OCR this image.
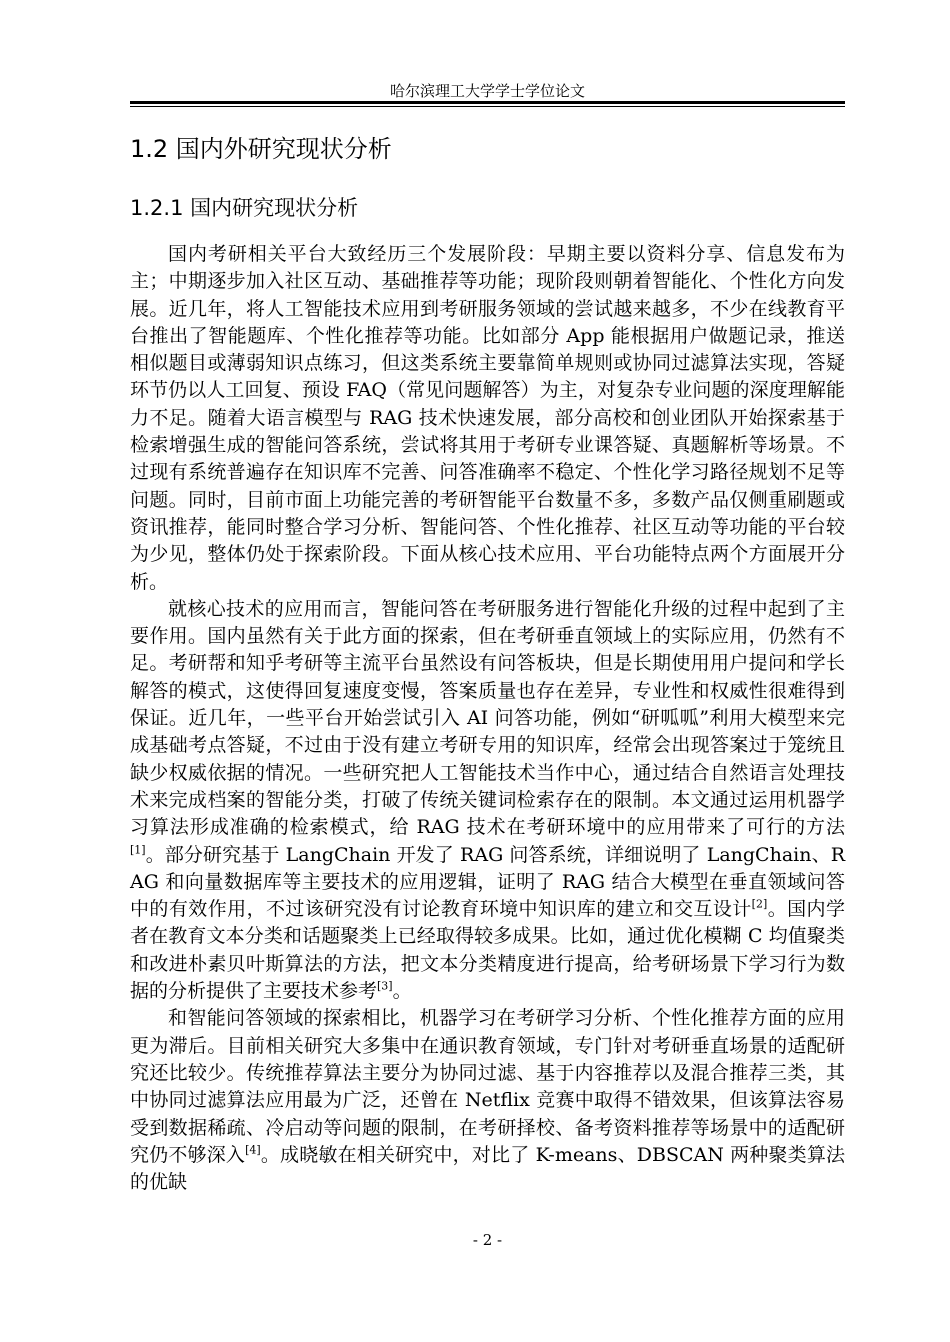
哈尔滨理工大学学士学位论文
1.2 国内外研究现状分析
1.2.1 国内研究现状分析

国内考研相关平台大致经历三个发展阶段：早期主要以资料分享、信息发布为主；中期逐步加入社区互动、基础推荐等功能；现阶段则朝着智能化、个性化方向发展。近几年，将人工智能技术应用到考研服务领域的尝试越来越多，不少在线教育平台推出了智能题库、个性化推荐等功能。比如部分 App 能根据用户做题记录，推送相似题目或薄弱知识点练习，但这类系统主要靠简单规则或协同过滤算法实现，答疑环节仍以人工回复、预设 FAQ（常见问题解答）为主，对复杂专业问题的深度理解能力不足。随着大语言模型与 RAG 技术快速发展，部分高校和创业团队开始探索基于检索增强生成的智能问答系统，尝试将其用于考研专业课答疑、真题解析等场景。不过现有系统普遍存在知识库不完善、问答准确率不稳定、个性化学习路径规划不足等问题。同时，目前市面上功能完善的考研智能平台数量不多，多数产品仅侧重刷题或资讯推荐，能同时整合学习分析、智能问答、个性化推荐、社区互动等功能的平台较为少见，整体仍处于探索阶段。下面从核心技术应用、平台功能特点两个方面展开分析。

就核心技术的应用而言，智能问答在考研服务进行智能化升级的过程中起到了主要作用。国内虽然有关于此方面的探索，但在考研垂直领域上的实际应用，仍然有不足。考研帮和知乎考研等主流平台虽然设有问答板块，但是长期使用用户提问和学长解答的模式，这使得回复速度变慢，答案质量也存在差异，专业性和权威性很难得到保证。近几年，一些平台开始尝试引入 AI 问答功能，例如“研呱呱”利用大模型来完成基础考点答疑，不过由于没有建立考研专用的知识库，经常会出现答案过于笼统且缺少权威依据的情况。一些研究把人工智能技术当作中心，通过结合自然语言处理技术来完成档案的智能分类，打破了传统关键词检索存在的限制。本文通过运用机器学习算法形成准确的检索模式，给 RAG 技术在考研环境中的应用带来了可行的方法[1]。部分研究基于 LangChain 开发了 RAG 问答系统，详细说明了 LangChain、RAG 和向量数据库等主要技术的应用逻辑，证明了 RAG 结合大模型在垂直领域问答中的有效作用，不过该研究没有讨论教育环境中知识库的建立和交互设计[2]。国内学者在教育文本分类和话题聚类上已经取得较多成果。比如，通过优化模糊 C 均值聚类和改进朴素贝叶斯算法的方法，把文本分类精度进行提高，给考研场景下学习行为数据的分析提供了主要技术参考[3]。

和智能问答领域的探索相比，机器学习在考研学习分析、个性化推荐方面的应用更为滞后。目前相关研究大多集中在通识教育领域，专门针对考研垂直场景的适配研究还比较少。传统推荐算法主要分为协同过滤、基于内容推荐以及混合推荐三类，其中协同过滤算法应用最为广泛，还曾在 Netflix 竞赛中取得不错效果，但该算法容易受到数据稀疏、冷启动等问题的限制，在考研择校、备考资料推荐等场景中的适配研究仍不够深入[4]。成晓敏在相关研究中，对比了 K-means、DBSCAN 两种聚类算法的优缺

- 2 -
